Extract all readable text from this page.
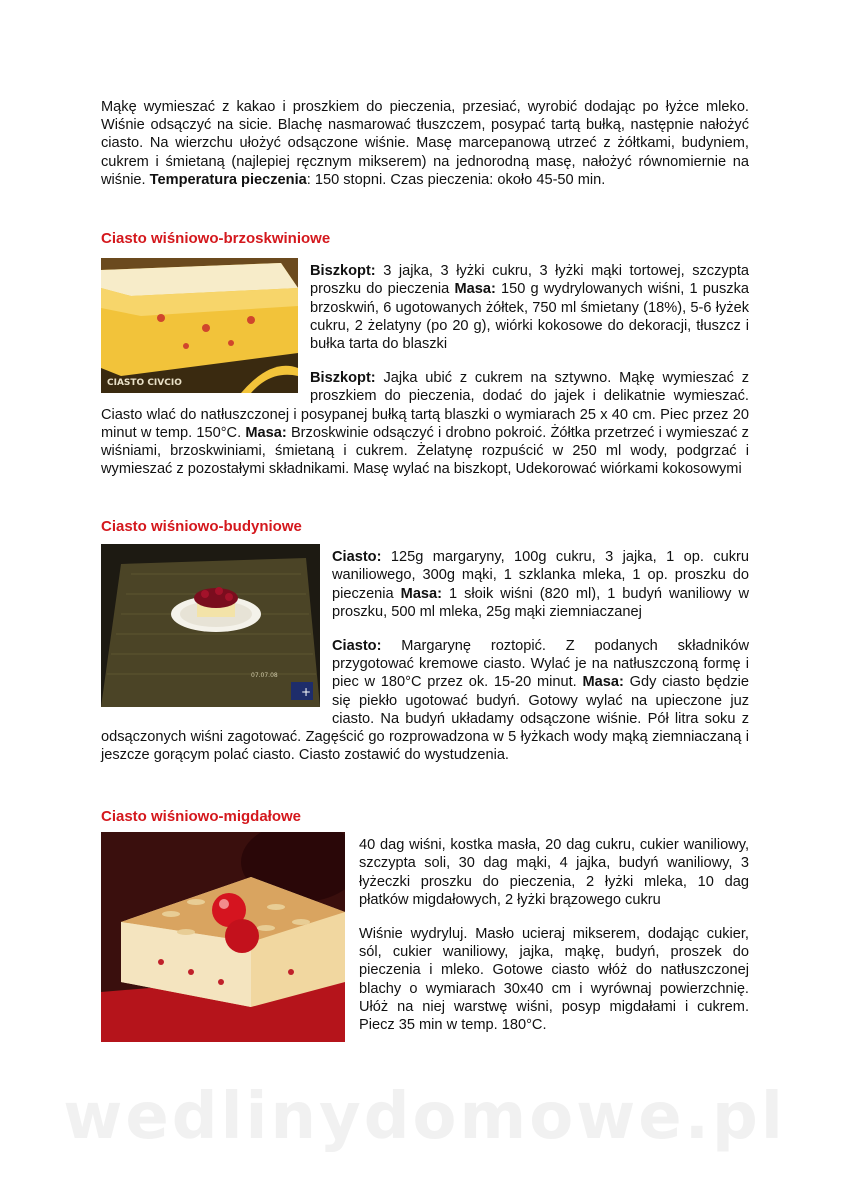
Mąkę wymieszać z kakao i proszkiem do pieczenia, przesiać, wyrobić dodając po łyżce mleko. Wiśnie odsączyć na sicie. Blachę nasmarować tłuszczem, posypać tartą bułką, następnie nałożyć ciasto. Na wierzchu ułożyć odsączone wiśnie. Masę marcepanową utrzeć z żółtkami, budyniem, cukrem i śmietaną (najlepiej ręcznym mikserem) na jednorodną masę, nałożyć równomiernie na wiśnie. Temperatura pieczenia: 150 stopni. Czas pieczenia: około 45-50 min.

Ciasto wiśniowo-brzoskwiniowe

CIASTO CIVCIO

Biszkopt: 3 jajka, 3 łyżki cukru, 3 łyżki mąki tortowej, szczypta proszku do pieczenia Masa: 150 g wydrylowanych wiśni, 1 puszka brzoskwiń, 6 ugotowanych żółtek, 750 ml śmietany (18%), 5-6 łyżek cukru, 2 żelatyny (po 20 g), wiórki kokosowe do dekoracji, tłuszcz i bułka tarta do blaszki

Biszkopt: Jajka ubić z cukrem na sztywno. Mąkę wymieszać z proszkiem do pieczenia, dodać do jajek i delikatnie wymieszać. Ciasto wlać do natłuszczonej i posypanej bułką tartą blaszki o wymiarach 25 x 40 cm. Piec przez 20 minut w temp. 150°C. Masa: Brzoskwinie odsączyć i drobno pokroić. Żółtka przetrzeć i wymieszać z wiśniami, brzoskwiniami, śmietaną i cukrem. Żelatynę rozpuścić w 250 ml wody, podgrzać i wymieszać z pozostałymi składnikami. Masę wylać na biszkopt, Udekorować wiórkami kokosowymi

Ciasto wiśniowo-budyniowe

+
07.07.08

Ciasto: 125g margaryny, 100g cukru, 3 jajka, 1 op. cukru waniliowego, 300g mąki, 1 szklanka mleka, 1 op. proszku do pieczenia Masa: 1 słoik wiśni (820 ml), 1 budyń waniliowy w proszku, 500 ml mleka, 25g mąki ziemniaczanej

Ciasto: Margarynę roztopić. Z podanych składników przygotować kremowe ciasto. Wylać je na natłuszczoną formę i piec w 180°C przez ok. 15-20 minut. Masa: Gdy ciasto będzie się piekło ugotować budyń. Gotowy wylać na upieczone juz ciasto. Na budyń układamy odsączone wiśnie. Pół litra soku z odsączonych wiśni zagotować. Zagęścić go rozprowadzona w 5 łyżkach wody mąką ziemniaczaną i jeszcze gorącym polać ciasto. Ciasto zostawić do wystudzenia.

Ciasto wiśniowo-migdałowe

40 dag wiśni, kostka masła, 20 dag cukru, cukier waniliowy, szczypta soli, 30 dag mąki, 4 jajka, budyń waniliowy, 3 łyżeczki proszku do pieczenia, 2 łyżki mleka, 10 dag płatków migdałowych, 2 łyżki brązowego cukru

Wiśnie wydryluj. Masło ucieraj mikserem, dodając cukier, sól, cukier waniliowy, jajka, mąkę, budyń, proszek do pieczenia i mleko. Gotowe ciasto włóż do natłuszczonej blachy o wymiarach 30x40 cm i wyrównaj powierzchnię. Ułóż na niej warstwę wiśni, posyp migdałami i cukrem. Piecz 35 min w temp. 180°C.

wedlinydomowe.pl
